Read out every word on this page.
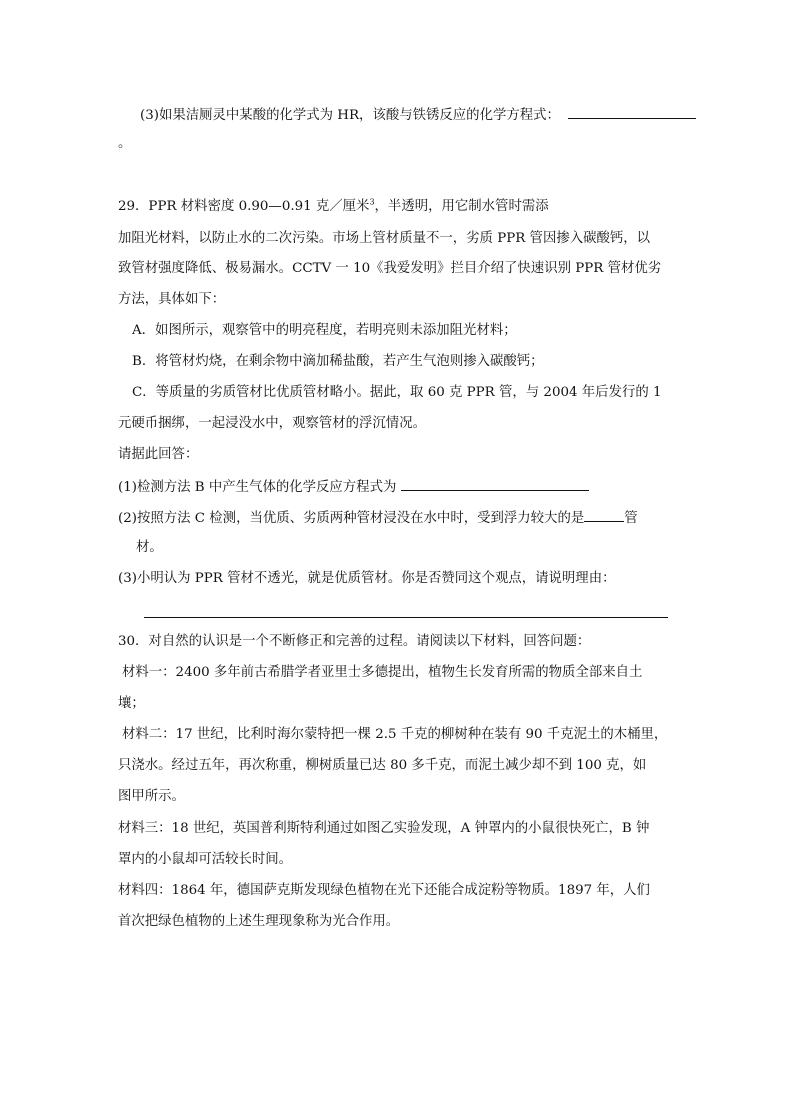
(3)如果洁厕灵中某酸的化学式为 HR，该酸与铁锈反应的化学方程式：
。
29．PPR 材料密度 0.90—0.91 克／厘米$^3$，半透明，用它制水管时需添
加阻光材料，以防止水的二次污染。市场上管材质量不一，劣质 PPR 管因掺入碳酸钙，以
致管材强度降低、极易漏水。CCTV 一 10《我爱发明》拦目介绍了快速识别 PPR 管材优劣
方法，具体如下：
A．如图所示，观察管中的明亮程度，若明亮则未添加阻光材料；
B．将管材灼烧，在剩余物中滴加稀盐酸，若产生气泡则掺入碳酸钙；
C．等质量的劣质管材比优质管材略小。据此，取 60 克 PPR 管，与 2004 年后发行的 1
元硬币捆绑，一起浸没水中，观察管材的浮沉情况。
请据此回答：
(1)检测方法 B 中产生气体的化学反应方程式为
(2)按照方法 C 检测，当优质、劣质两种管材浸没在水中时，受到浮力较大的是	管
材。
(3)小明认为 PPR 管材不透光，就是优质管材。你是否赞同这个观点，请说明理由：
30．对自然的认识是一个不断修正和完善的过程。请阅读以下材料，回答问题：
材料一：2400 多年前古希腊学者亚里士多德提出，植物生长发育所需的物质全部来自土
壤；
材料二：17 世纪，比利时海尔蒙特把一棵 2.5 千克的柳树种在装有 90 千克泥土的木桶里，
只浇水。经过五年，再次称重，柳树质量已达 80 多千克，而泥土减少却不到 100 克，如
图甲所示。
材料三：18 世纪，英国普利斯特利通过如图乙实验发现，A 钟罩内的小鼠很快死亡，B 钟
罩内的小鼠却可活较长时间。
材料四：1864 年，德国萨克斯发现绿色植物在光下还能合成淀粉等物质。1897 年，人们
首次把绿色植物的上述生理现象称为光合作用。
